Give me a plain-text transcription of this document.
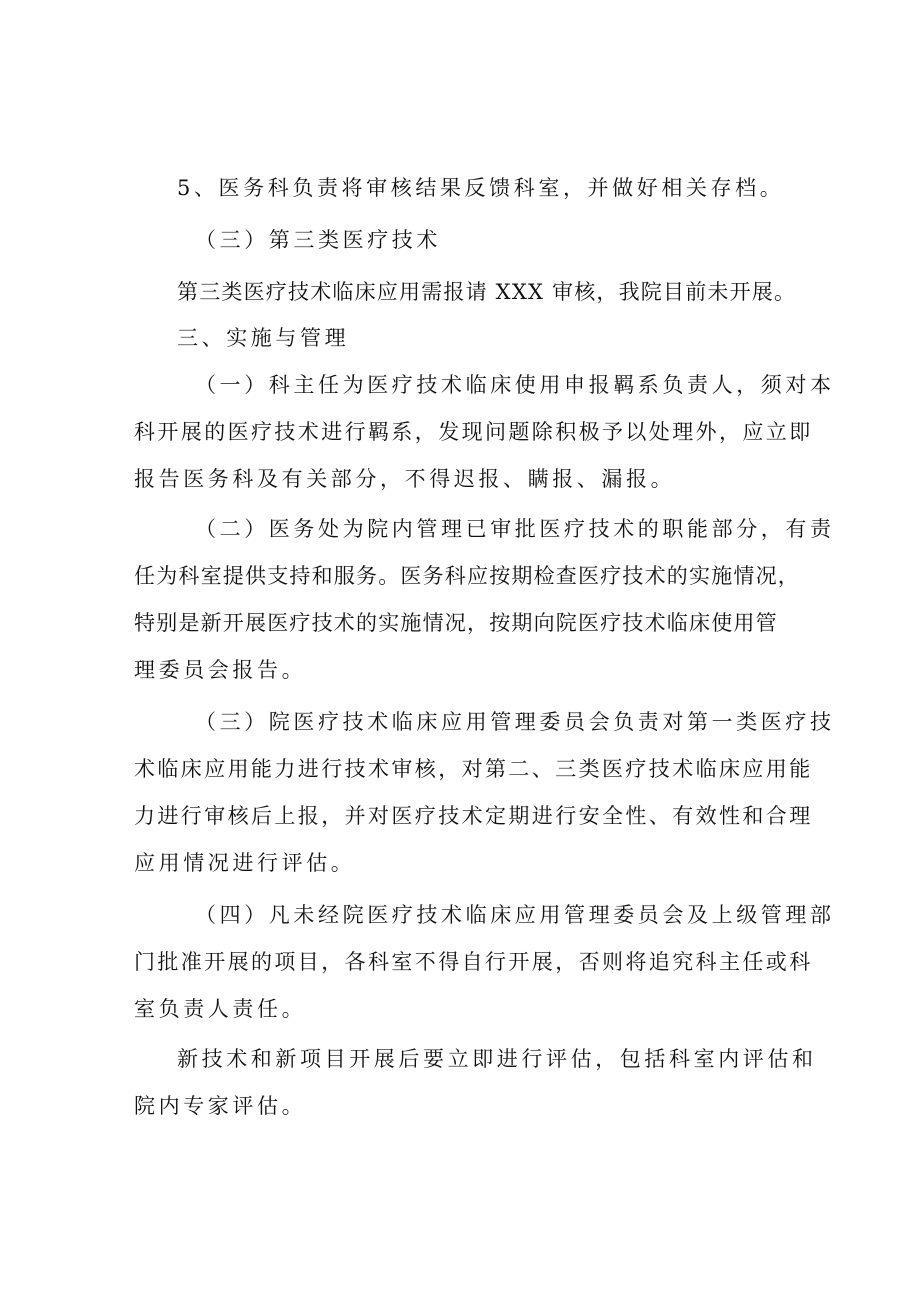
5、医务科负责将审核结果反馈科室，并做好相关存档。
（三）第三类医疗技术
第三类医疗技术临床应用需报请 XXX 审核，我院目前未开展。
三、实施与管理
（一）科主任为医疗技术临床使用申报羁系负责人，须对本
科开展的医疗技术进行羁系，发现问题除积极予以处理外，应立即
报告医务科及有关部分，不得迟报、瞒报、漏报。
（二）医务处为院内管理已审批医疗技术的职能部分，有责
任为科室提供支持和服务。医务科应按期检查医疗技术的实施情况，
特别是新开展医疗技术的实施情况，按期向院医疗技术临床使用管
理委员会报告。
（三）院医疗技术临床应用管理委员会负责对第一类医疗技
术临床应用能力进行技术审核，对第二、三类医疗技术临床应用能
力进行审核后上报，并对医疗技术定期进行安全性、有效性和合理
应用情况进行评估。
（四）凡未经院医疗技术临床应用管理委员会及上级管理部
门批准开展的项目，各科室不得自行开展，否则将追究科主任或科
室负责人责任。
新技术和新项目开展后要立即进行评估，包括科室内评估和
院内专家评估。
